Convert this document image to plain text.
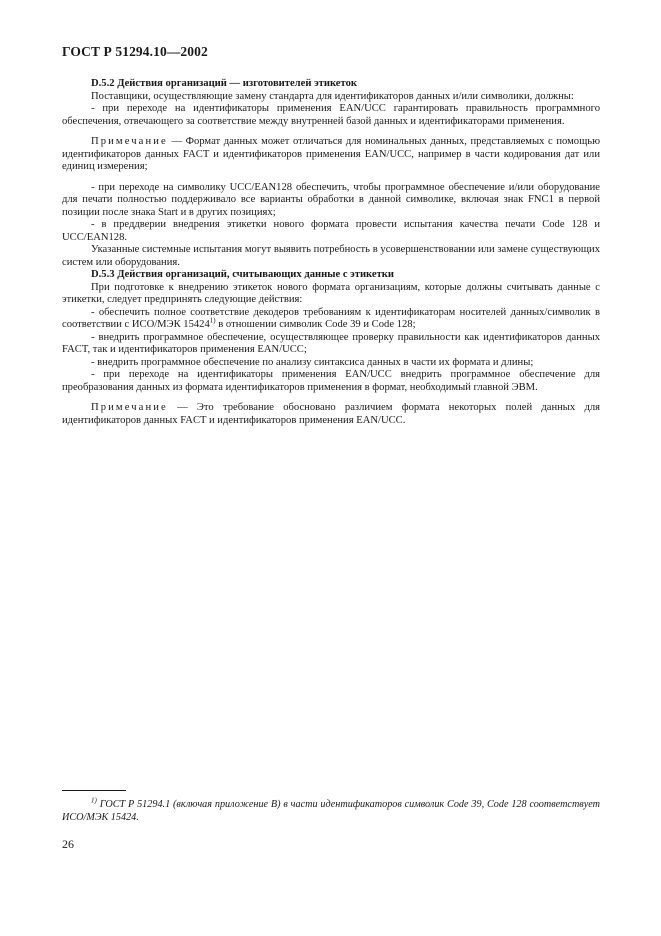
ГОСТ Р 51294.10—2002

D.5.2 Действия организаций — изготовителей этикеток

Поставщики, осуществляющие замену стандарта для идентификаторов данных и/или символики, должны:

- при переходе на идентификаторы применения EAN/UCC гарантировать правильность программного обеспечения, отвечающего за соответствие между внутренней базой данных и идентификаторами применения.

Примечание — Формат данных может отличаться для номинальных данных, представляемых с помощью идентификаторов данных FACT и идентификаторов применения EAN/UCC, например в части кодирования дат или единиц измерения;

- при переходе на символику UCC/EAN128 обеспечить, чтобы программное обеспечение и/или оборудование для печати полностью поддерживало все варианты обработки в данной символике, включая знак FNC1 в первой позиции после знака Start и в других позициях;

- в преддверии внедрения этикетки нового формата провести испытания качества печати Code 128 и UCC/EAN128.

Указанные системные испытания могут выявить потребность в усовершенствовании или замене существующих систем или оборудования.

D.5.3 Действия организаций, считывающих данные с этикетки

При подготовке к внедрению этикеток нового формата организациям, которые должны считывать данные с этикетки, следует предпринять следующие действия:

- обеспечить полное соответствие декодеров требованиям к идентификаторам носителей данных/символик в соответствии с ИСО/МЭК 15424$^{1)}$ в отношении символик Code 39 и Code 128;

- внедрить программное обеспечение, осуществляющее проверку правильности как идентификаторов данных FACT, так и идентификаторов применения EAN/UCC;

- внедрить программное обеспечение по анализу синтаксиса данных в части их формата и длины;

- при переходе на идентификаторы применения EAN/UCC внедрить программное обеспечение для преобразования данных из формата идентификаторов применения в формат, необходимый главной ЭВМ.

Примечание — Это требование обосновано различием формата некоторых полей данных для идентификаторов данных FACT и идентификаторов применения EAN/UCC.

$^{1)}$ ГОСТ Р 51294.1 (включая приложение В) в части идентификаторов символик Code 39, Code 128 соответствует ИСО/МЭК 15424.

26
